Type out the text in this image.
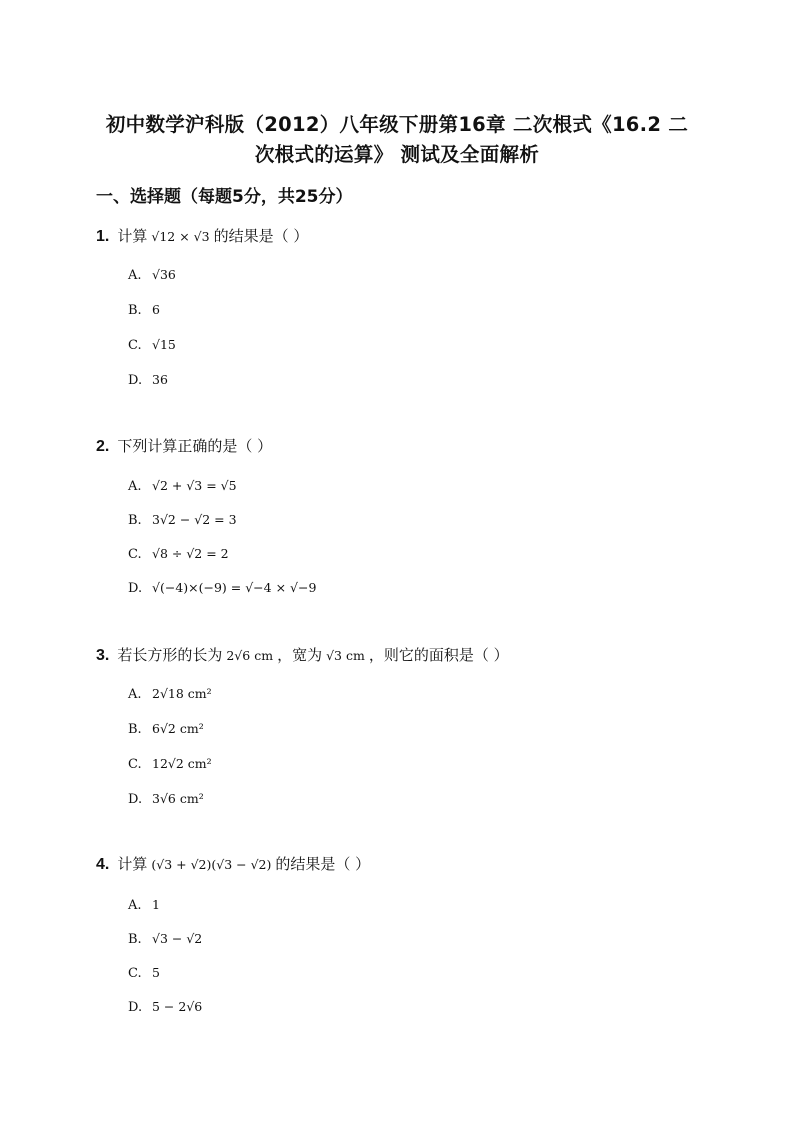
初中数学沪科版（2012）八年级下册第16章 二次根式《16.2 二
次根式的运算》 测试及全面解析
一、选择题（每题5分，共25分）
1. 计算 √12 × √3 的结果是（ ）
A. √36
B. 6
C. √15
D. 36
2. 下列计算正确的是（ ）
A. √2 + √3 = √5
B. 3√2 − √2 = 3
C. √8 ÷ √2 = 2
D. √(−4)×(−9) = √−4 × √−9
3. 若长方形的长为 2√6 cm ，宽为 √3 cm ，则它的面积是（ ）
A. 2√18 cm²
B. 6√2 cm²
C. 12√2 cm²
D. 3√6 cm²
4. 计算 (√3 + √2)(√3 − √2) 的结果是（ ）
A. 1
B. √3 − √2
C. 5
D. 5 − 2√6
